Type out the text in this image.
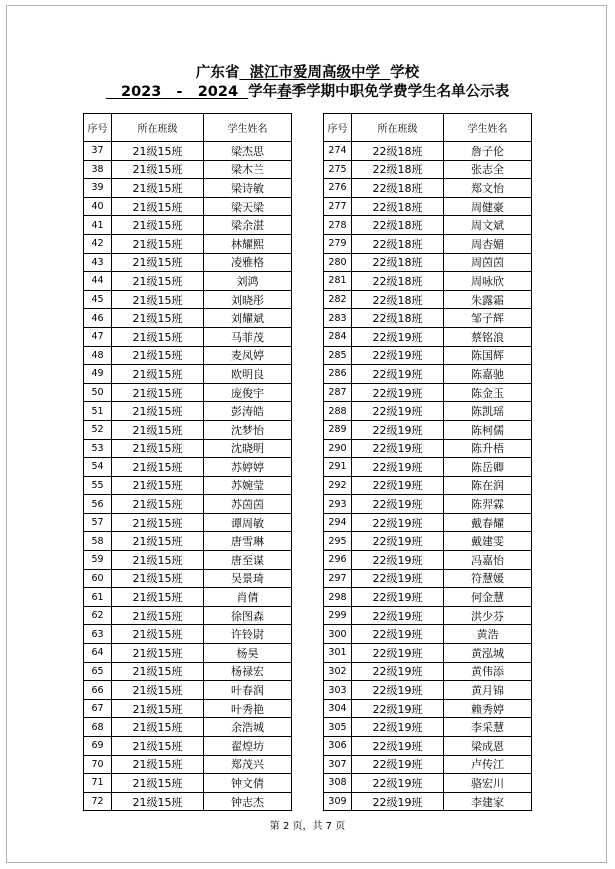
广东省 湛江市爱周高级中学 学校
2023 - 2024 学年春季学期中职免学费学生名单公示表
序号	所在班级	学生姓名
37	21级15班	梁杰思
38	21级15班	梁木兰
39	21级15班	梁诗敏
40	21级15班	梁天梁
41	21级15班	梁余湛
42	21级15班	林耀熙
43	21级15班	凌雅格
44	21级15班	刘鸿
45	21级15班	刘晓彤
46	21级15班	刘耀斌
47	21级15班	马菲茂
48	21级15班	麦凤婷
49	21级15班	欧明良
50	21级15班	庞俊宇
51	21级15班	彭涛皓
52	21级15班	沈梦怡
53	21级15班	沈晓明
54	21级15班	苏婷婷
55	21级15班	苏婉莹
56	21级15班	苏茵茵
57	21级15班	谭周敏
58	21级15班	唐雪琳
59	21级15班	唐至谋
60	21级15班	吴景琦
61	21级15班	肖倩
62	21级15班	徐图森
63	21级15班	许铃尉
64	21级15班	杨昊
65	21级15班	杨禄宏
66	21级15班	叶春润
67	21级15班	叶秀艳
68	21级15班	余浩城
69	21级15班	翟煌坊
70	21级15班	郑茂兴
71	21级15班	钟文倩
72	21级15班	钟志杰
序号	所在班级	学生姓名
274	22级18班	詹子伦
275	22级18班	张志全
276	22级18班	郑文怡
277	22级18班	周健豪
278	22级18班	周文斌
279	22级18班	周杏媚
280	22级18班	周茵茵
281	22级18班	周咏欣
282	22级18班	朱露霜
283	22级18班	邹子辉
284	22级19班	蔡铭浪
285	22级19班	陈国辉
286	22级19班	陈嘉驰
287	22级19班	陈金玉
288	22级19班	陈凯瑶
289	22级19班	陈柯儒
290	22级19班	陈升梧
291	22级19班	陈岳卿
292	22级19班	陈在润
293	22级19班	陈羿霖
294	22级19班	戴春耀
295	22级19班	戴建雯
296	22级19班	冯嘉怡
297	22级19班	符慧媛
298	22级19班	何金慧
299	22级19班	洪少芬
300	22级19班	黄浩
301	22级19班	黄泓城
302	22级19班	黄伟添
303	22级19班	黄月锦
304	22级19班	赖秀婷
305	22级19班	李采慧
306	22级19班	梁成恩
307	22级19班	卢传江
308	22级19班	骆宏川
309	22级19班	李建家
第 2 页，共 7 页
